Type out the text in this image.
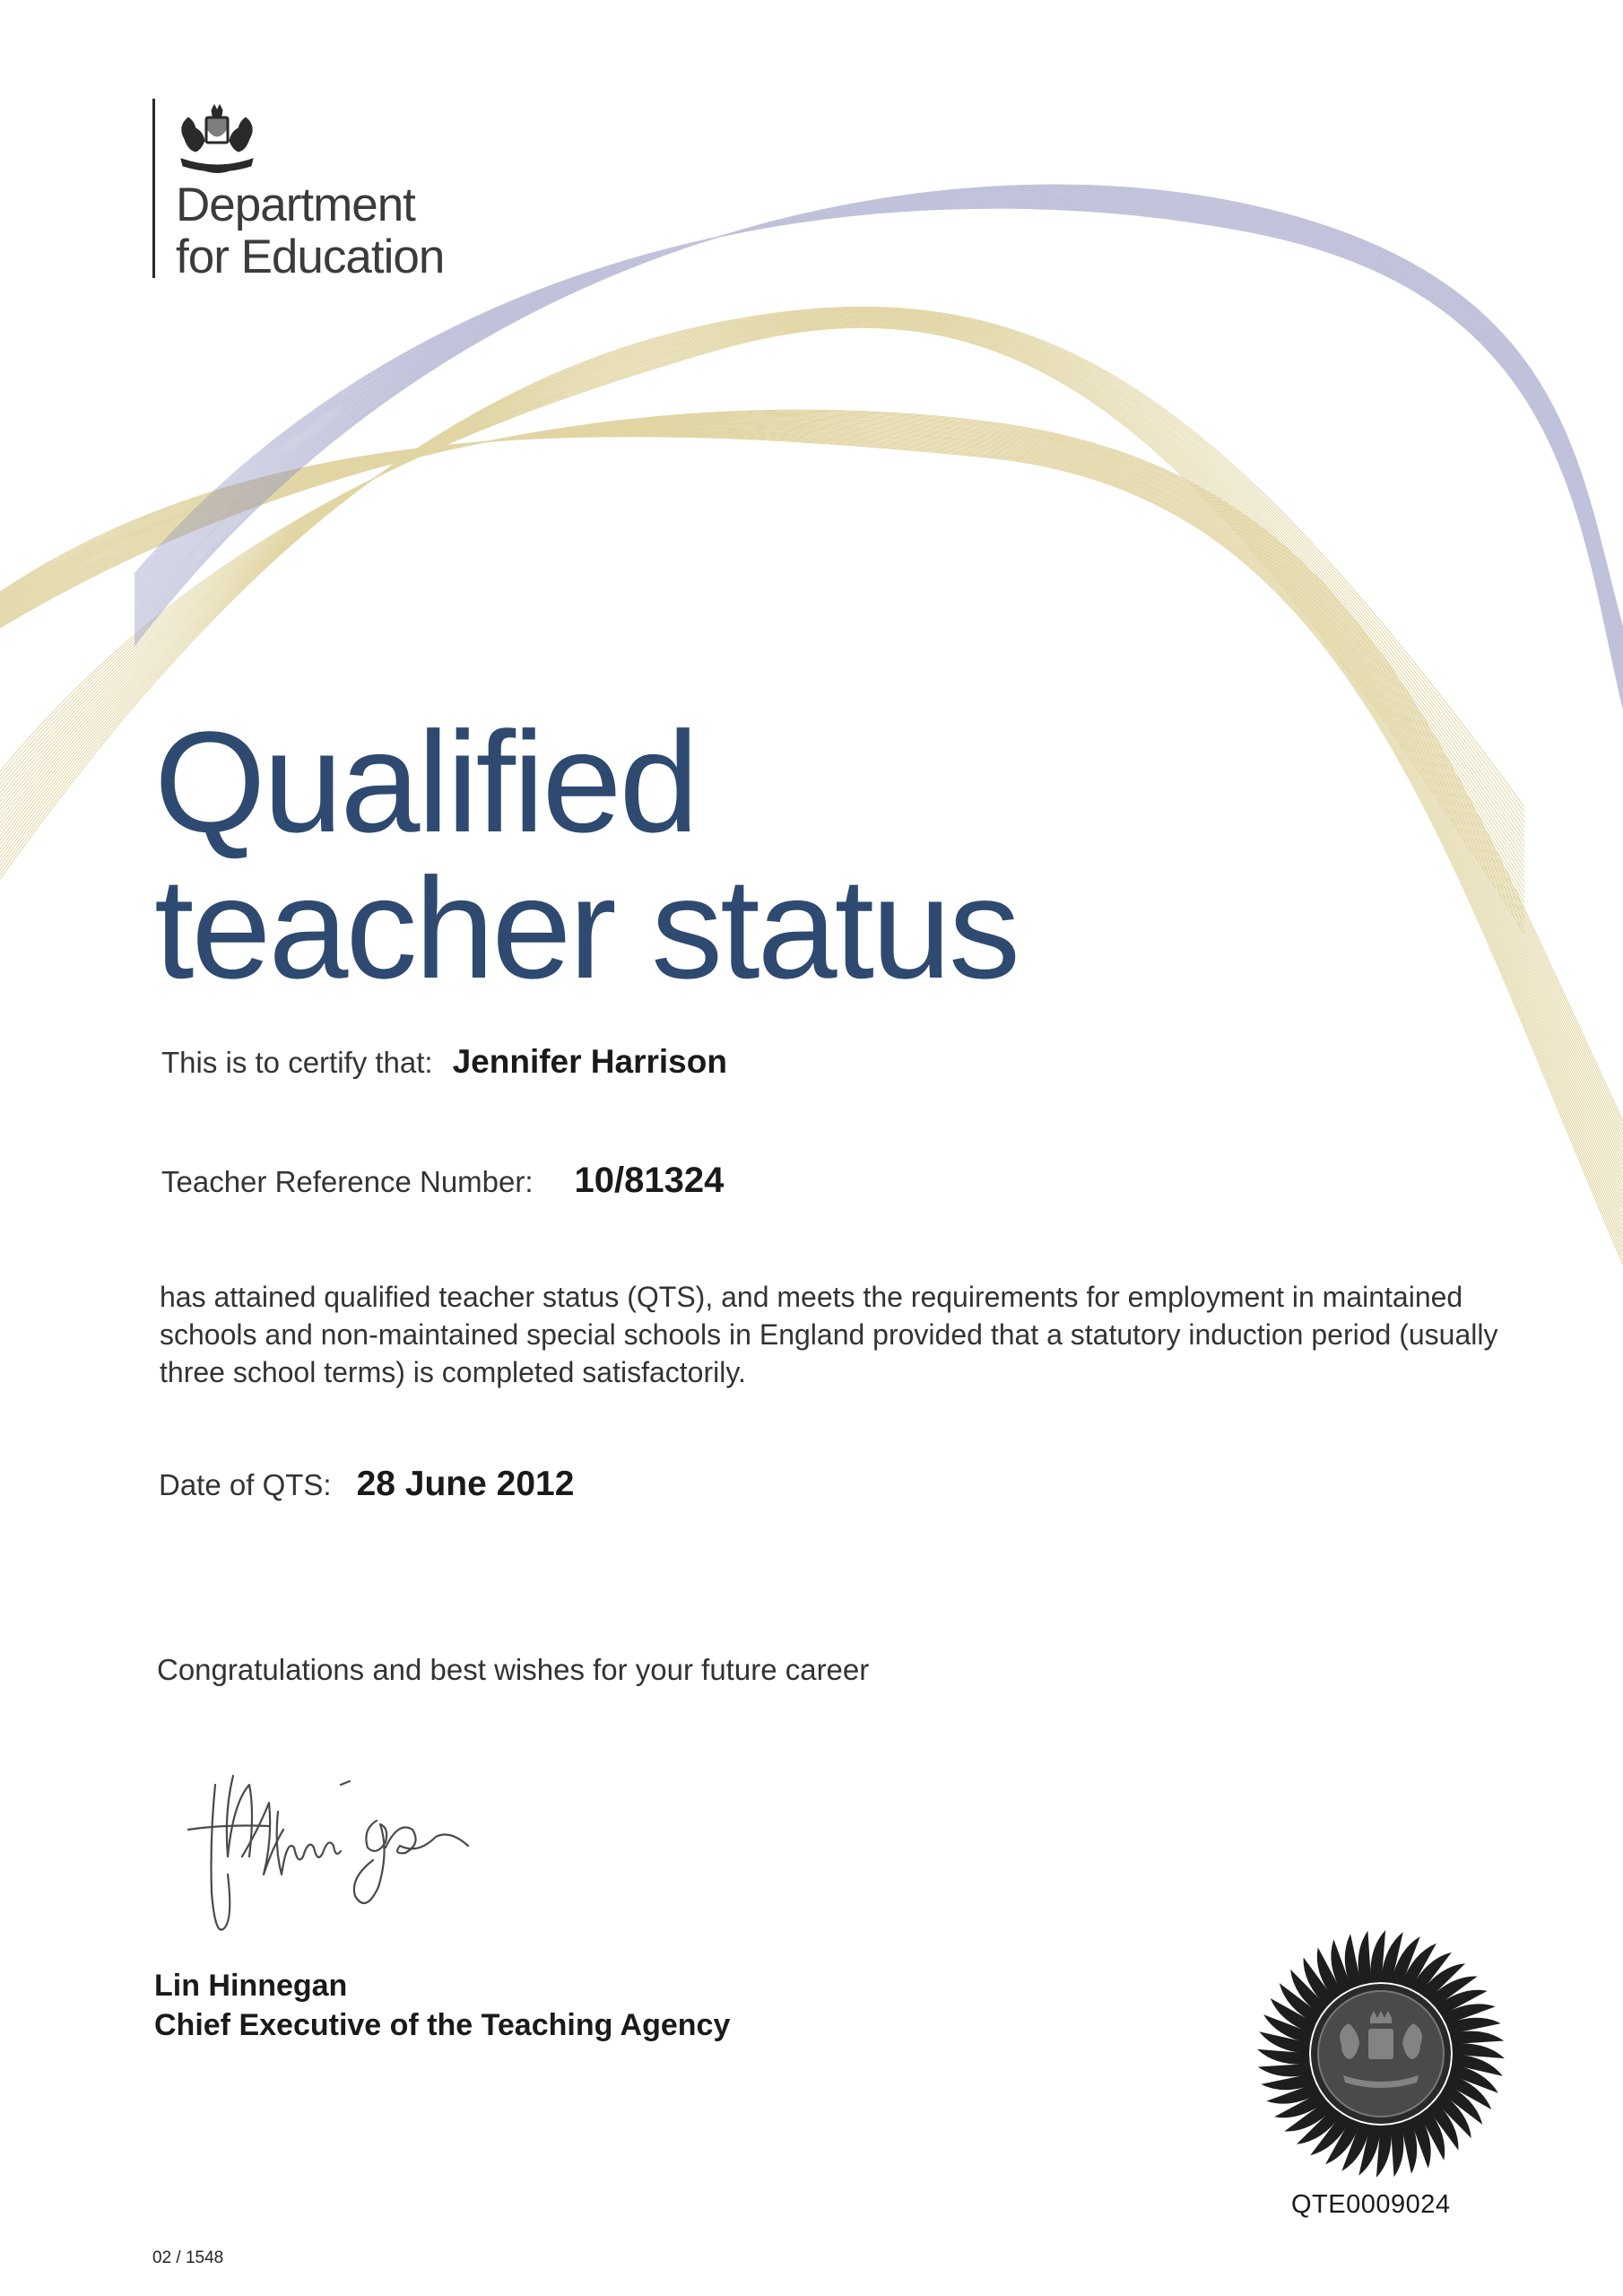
Department
for Education
Qualified
teacher status
This is to certify that: Jennifer Harrison
Teacher Reference Number: 10/81324
has attained qualified teacher status (QTS), and meets the requirements for employment in maintained schools and non-maintained special schools in England provided that a statutory induction period (usually three school terms) is completed satisfactorily.
Date of QTS: 28 June 2012
Congratulations and best wishes for your future career
Lin Hinnegan
Chief Executive of the Teaching Agency
02 / 1548
QTE0009024
